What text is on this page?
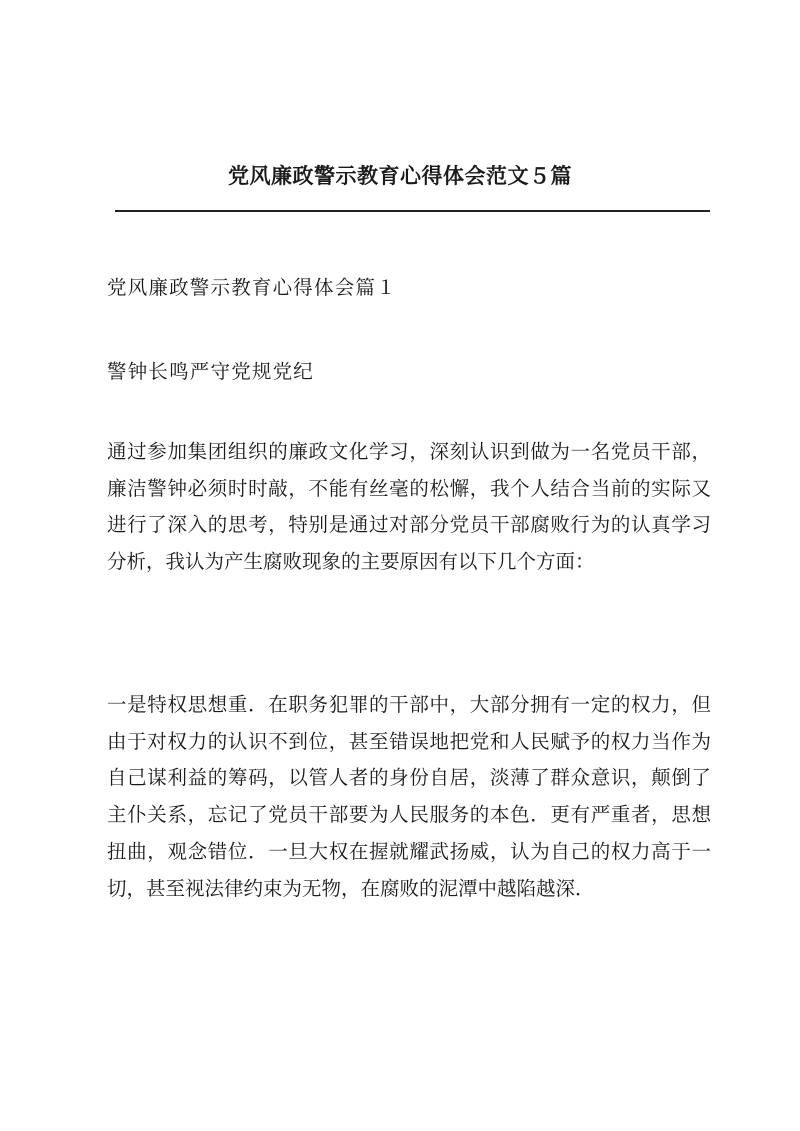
党风廉政警示教育心得体会范文５篇
党风廉政警示教育心得体会篇１
警钟长鸣严守党规党纪
通过参加集团组织的廉政文化学习，深刻认识到做为一名党员干部，廉洁警钟必须时时敲，不能有丝毫的松懈，我个人结合当前的实际又进行了深入的思考，特别是通过对部分党员干部腐败行为的认真学习分析，我认为产生腐败现象的主要原因有以下几个方面：
一是特权思想重．在职务犯罪的干部中，大部分拥有一定的权力，但由于对权力的认识不到位，甚至错误地把党和人民赋予的权力当作为自己谋利益的筹码，以管人者的身份自居，淡薄了群众意识，颠倒了主仆关系，忘记了党员干部要为人民服务的本色．更有严重者，思想扭曲，观念错位．一旦大权在握就耀武扬威，认为自己的权力高于一切，甚至视法律约束为无物，在腐败的泥潭中越陷越深．
